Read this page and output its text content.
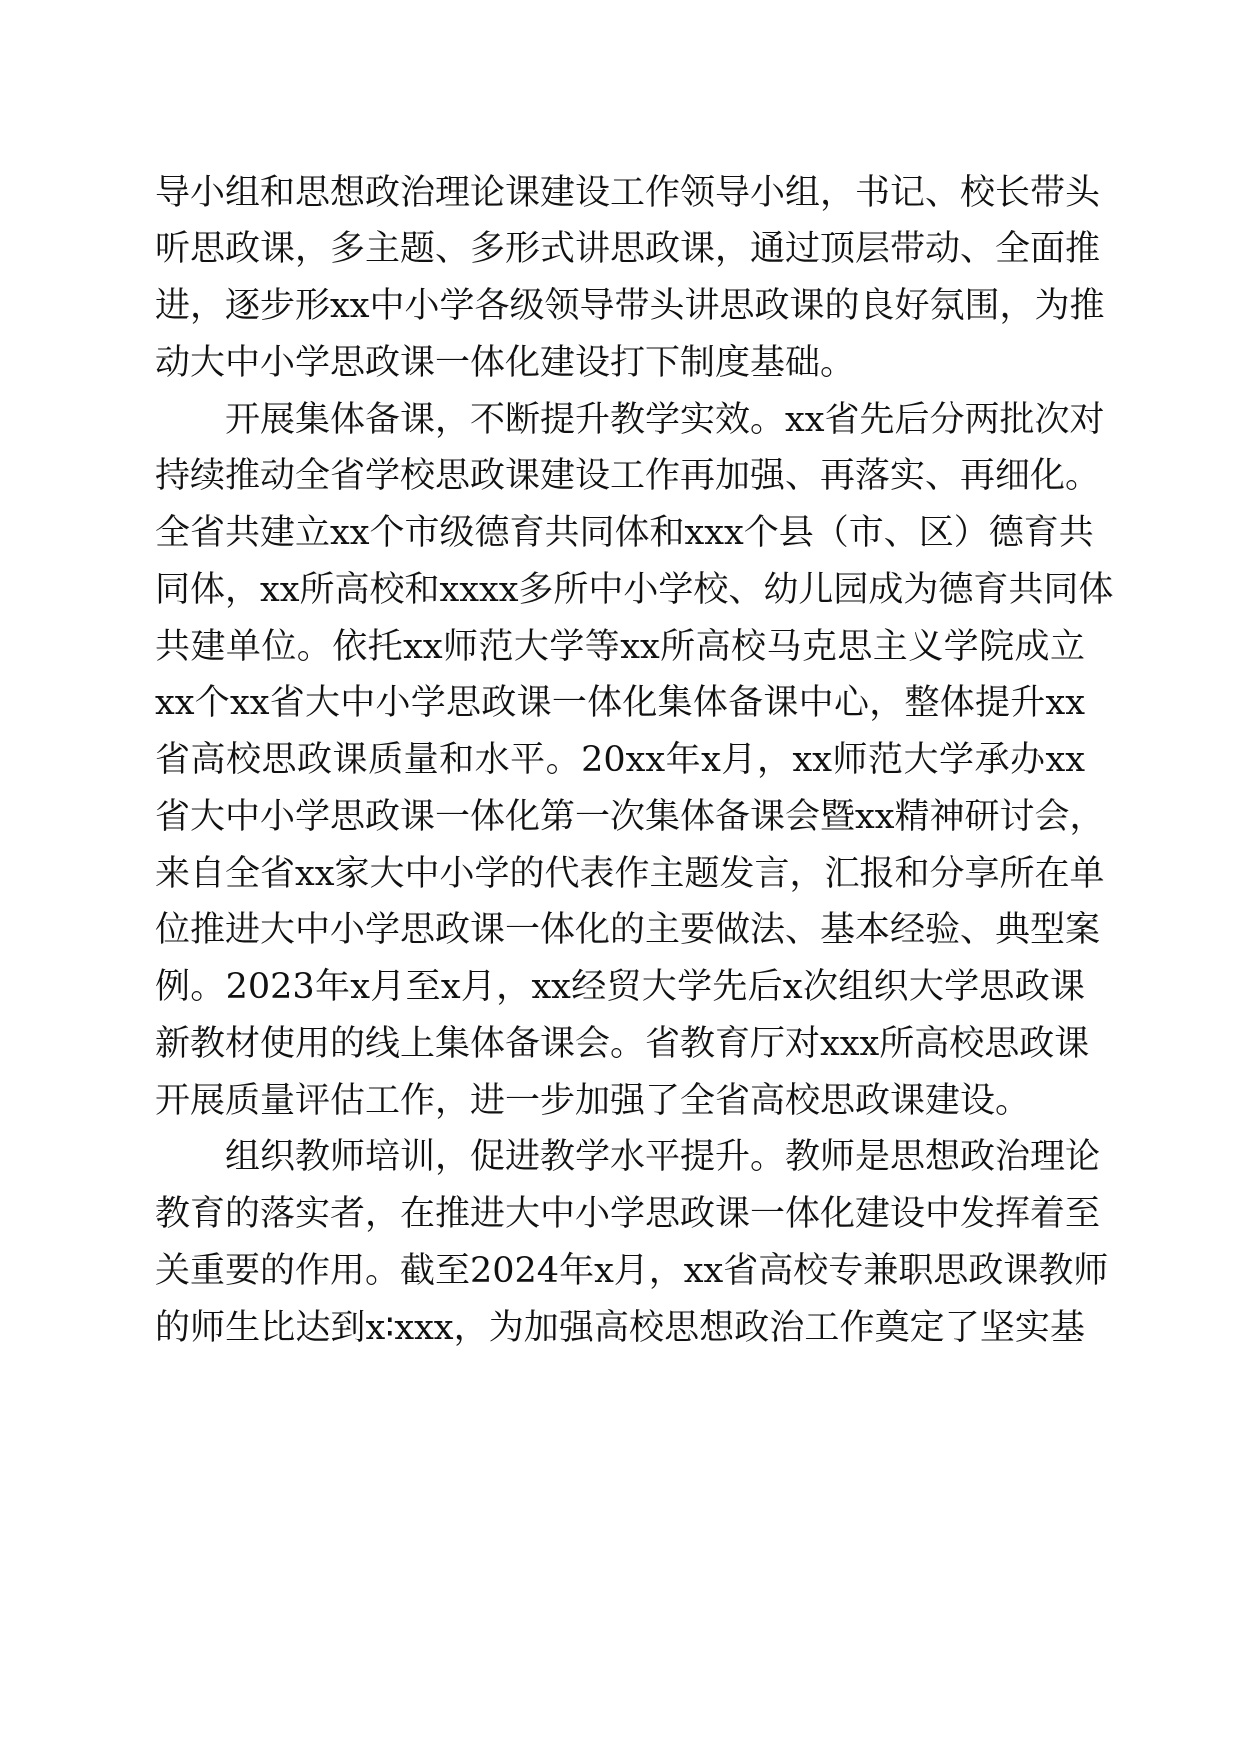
导小组和思想政治理论课建设工作领导小组，书记、校长带头
听思政课，多主题、多形式讲思政课，通过顶层带动、全面推
进，逐步形xx中小学各级领导带头讲思政课的良好氛围，为推
动大中小学思政课一体化建设打下制度基础。
开展集体备课，不断提升教学实效。xx省先后分两批次对
持续推动全省学校思政课建设工作再加强、再落实、再细化。
全省共建立xx个市级德育共同体和xxx个县（市、区）德育共
同体，xx所高校和xxxx多所中小学校、幼儿园成为德育共同体
共建单位。依托xx师范大学等xx所高校马克思主义学院成立
xx个xx省大中小学思政课一体化集体备课中心，整体提升xx
省高校思政课质量和水平。20xx年x月，xx师范大学承办xx
省大中小学思政课一体化第一次集体备课会暨xx精神研讨会，
来自全省xx家大中小学的代表作主题发言，汇报和分享所在单
位推进大中小学思政课一体化的主要做法、基本经验、典型案
例。2023年x月至x月，xx经贸大学先后x次组织大学思政课
新教材使用的线上集体备课会。省教育厅对xxx所高校思政课
开展质量评估工作，进一步加强了全省高校思政课建设。
组织教师培训，促进教学水平提升。教师是思想政治理论
教育的落实者，在推进大中小学思政课一体化建设中发挥着至
关重要的作用。截至2024年x月，xx省高校专兼职思政课教师
的师生比达到x∶xxx，为加强高校思想政治工作奠定了坚实基
